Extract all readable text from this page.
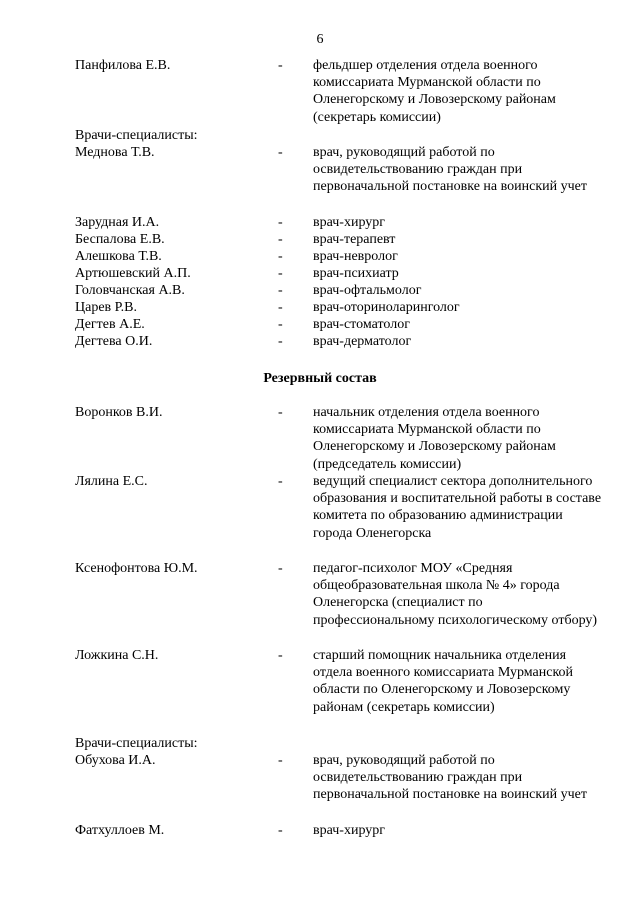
6
Панфилова Е.В.	- фельдшер отделения отдела военного комиссариата Мурманской области по Оленегорскому и Ловозерскому районам (секретарь комиссии)
Врачи-специалисты:
Меднова Т.В.	- врач, руководящий работой по освидетельствованию граждан при первоначальной постановке на воинский учет
Зарудная И.А.	- врач-хирург
Беспалова Е.В.	- врач-терапевт
Алешкова Т.В.	- врач-невролог
Артюшевский А.П.	- врач-психиатр
Головчанская А.В.	- врач-офтальмолог
Царев Р.В.	- врач-оториноларинголог
Дегтев А.Е.	- врач-стоматолог
Дегтева О.И.	- врач-дерматолог
Резервный состав
Воронков В.И.	- начальник отделения отдела военного комиссариата Мурманской области по Оленегорскому и Ловозерскому районам (председатель комиссии)
Лялина Е.С.	- ведущий специалист сектора дополнительного образования и воспитательной работы в составе комитета по образованию администрации города Оленегорска
Ксенофонтова Ю.М.	- педагог-психолог МОУ «Средняя общеобразовательная школа № 4» города Оленегорска (специалист по профессиональному психологическому отбору)
Ложкина С.Н.	- старший помощник начальника отделения отдела военного комиссариата Мурманской области по Оленегорскому и Ловозерскому районам (секретарь комиссии)
Врачи-специалисты:
Обухова И.А.	- врач, руководящий работой по освидетельствованию граждан при первоначальной постановке на воинский учет
Фатхуллоев М.	- врач-хирург
